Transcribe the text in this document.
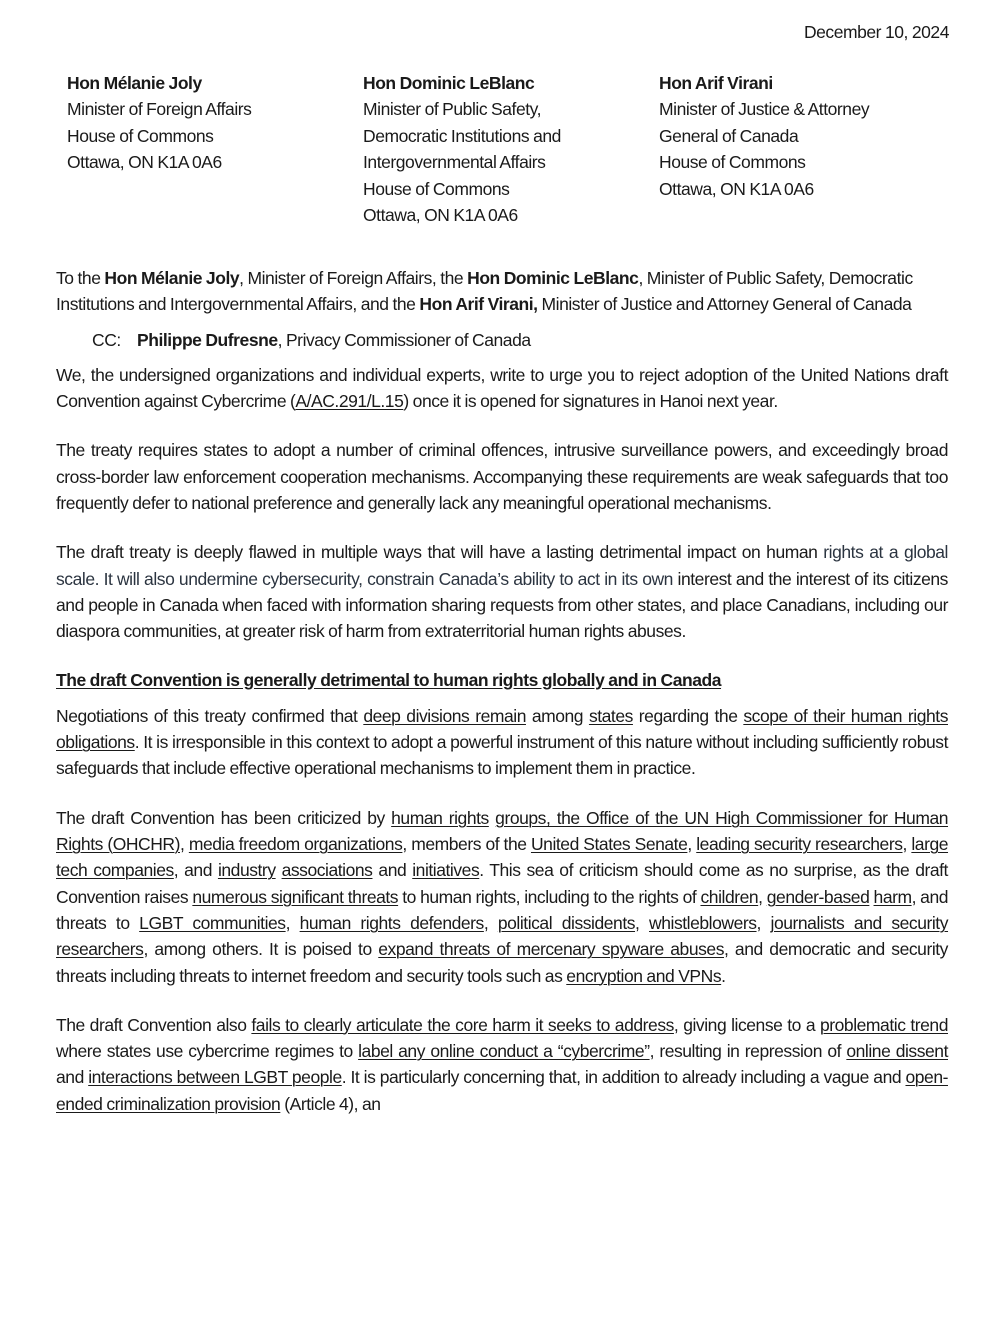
December 10, 2024
Hon Mélanie Joly
Minister of Foreign Affairs
House of Commons
Ottawa, ON K1A 0A6
Hon Dominic LeBlanc
Minister of Public Safety,
Democratic Institutions and
Intergovernmental Affairs
House of Commons
Ottawa, ON K1A 0A6
Hon Arif Virani
Minister of Justice & Attorney
General of Canada
House of Commons
Ottawa, ON K1A 0A6

To the Hon Mélanie Joly, Minister of Foreign Affairs, the Hon Dominic LeBlanc, Minister of Public Safety, Democratic Institutions and Intergovernmental Affairs, and the Hon Arif Virani, Minister of Justice and Attorney General of Canada

CC: Philippe Dufresne, Privacy Commissioner of Canada

We, the undersigned organizations and individual experts, write to urge you to reject adoption of the United Nations draft Convention against Cybercrime (A/AC.291/L.15) once it is opened for signatures in Hanoi next year.

The treaty requires states to adopt a number of criminal offences, intrusive surveillance powers, and exceedingly broad cross-border law enforcement cooperation mechanisms. Accompanying these requirements are weak safeguards that too frequently defer to national preference and generally lack any meaningful operational mechanisms.

The draft treaty is deeply flawed in multiple ways that will have a lasting detrimental impact on human rights at a global scale. It will also undermine cybersecurity, constrain Canada’s ability to act in its own interest and the interest of its citizens and people in Canada when faced with information sharing requests from other states, and place Canadians, including our diaspora communities, at greater risk of harm from extraterritorial human rights abuses.

The draft Convention is generally detrimental to human rights globally and in Canada

Negotiations of this treaty confirmed that deep divisions remain among states regarding the scope of their human rights obligations. It is irresponsible in this context to adopt a powerful instrument of this nature without including sufficiently robust safeguards that include effective operational mechanisms to implement them in practice.

The draft Convention has been criticized by human rights groups, the Office of the UN High Commissioner for Human Rights (OHCHR), media freedom organizations, members of the United States Senate, leading security researchers, large tech companies, and industry associations and initiatives. This sea of criticism should come as no surprise, as the draft Convention raises numerous significant threats to human rights, including to the rights of children, gender-based harm, and threats to LGBT communities, human rights defenders, political dissidents, whistleblowers, journalists and security researchers, among others. It is poised to expand threats of mercenary spyware abuses, and democratic and security threats including threats to internet freedom and security tools such as encryption and VPNs.

The draft Convention also fails to clearly articulate the core harm it seeks to address, giving license to a problematic trend where states use cybercrime regimes to label any online conduct a “cybercrime”, resulting in repression of online dissent and interactions between LGBT people. It is particularly concerning that, in addition to already including a vague and open-ended criminalization provision (Article 4), an
